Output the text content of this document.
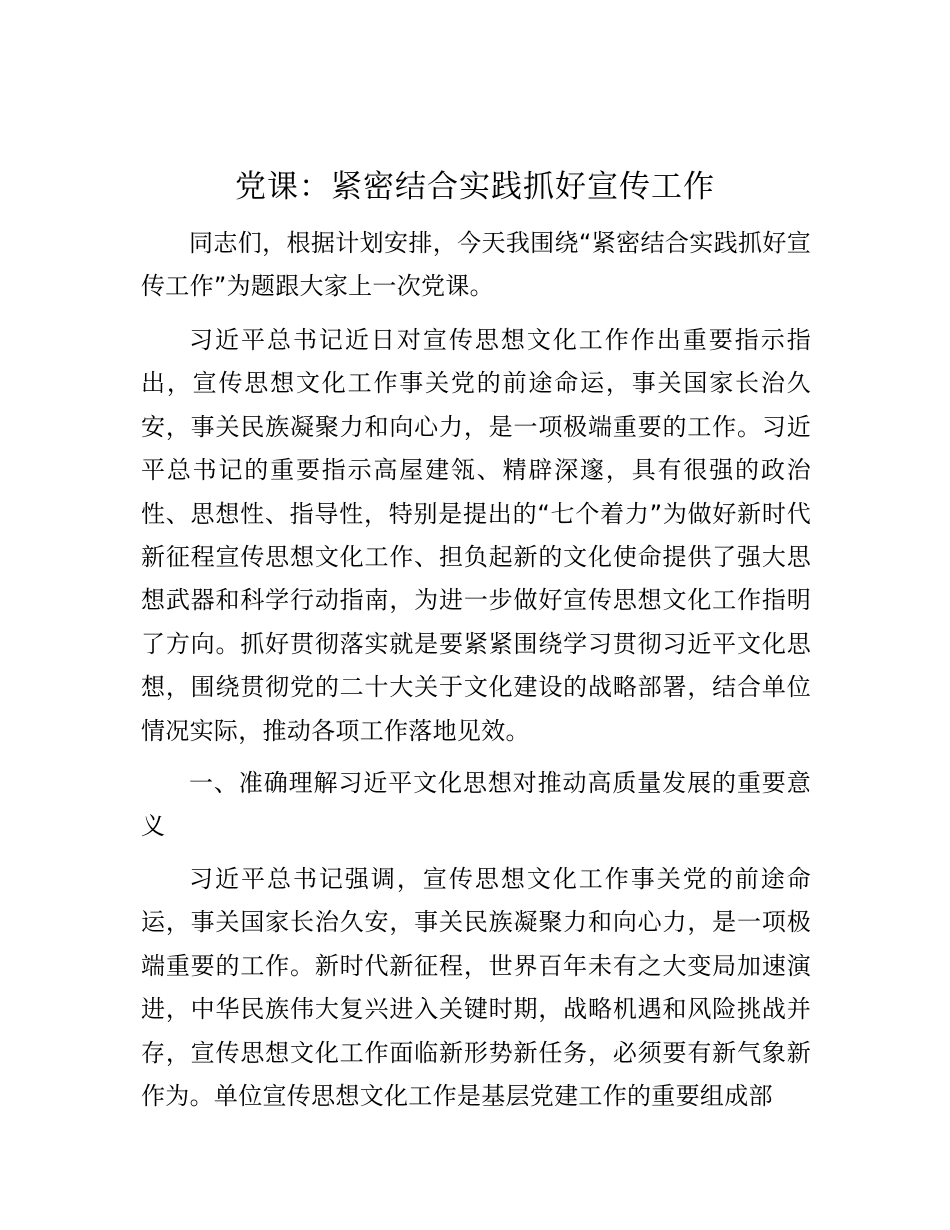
党课：紧密结合实践抓好宣传工作

同志们，根据计划安排，今天我围绕“紧密结合实践抓好宣传工作”为题跟大家上一次党课。

习近平总书记近日对宣传思想文化工作作出重要指示指出，宣传思想文化工作事关党的前途命运，事关国家长治久安，事关民族凝聚力和向心力，是一项极端重要的工作。习近平总书记的重要指示高屋建瓴、精辟深邃，具有很强的政治性、思想性、指导性，特别是提出的“七个着力”为做好新时代新征程宣传思想文化工作、担负起新的文化使命提供了强大思想武器和科学行动指南，为进一步做好宣传思想文化工作指明了方向。抓好贯彻落实就是要紧紧围绕学习贯彻习近平文化思想，围绕贯彻党的二十大关于文化建设的战略部署，结合单位情况实际，推动各项工作落地见效。

一、准确理解习近平文化思想对推动高质量发展的重要意义

习近平总书记强调，宣传思想文化工作事关党的前途命运，事关国家长治久安，事关民族凝聚力和向心力，是一项极端重要的工作。新时代新征程，世界百年未有之大变局加速演进，中华民族伟大复兴进入关键时期，战略机遇和风险挑战并存，宣传思想文化工作面临新形势新任务，必须要有新气象新作为。单位宣传思想文化工作是基层党建工作的重要组成部
